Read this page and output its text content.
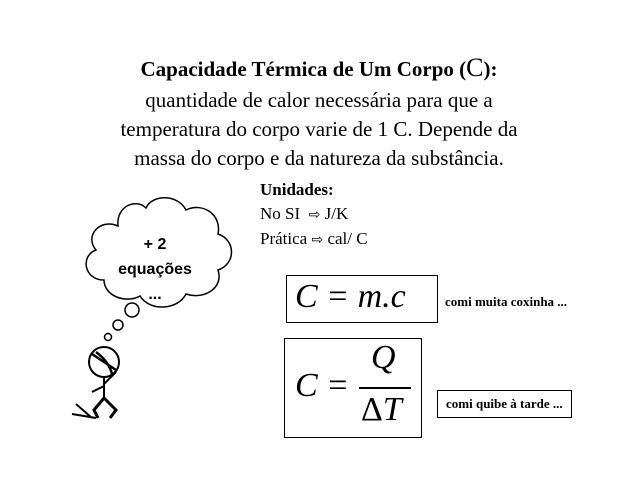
Capacidade Térmica de Um Corpo (C):
quantidade de calor necessária para que a
temperatura do corpo varie de 1 C. Depende da
massa do corpo e da natureza da substância.
Unidades:
No SI ⇨ J/K
Prática ⇨ cal/ C
+ 2
equações
...	C = m.c
C =
Q
ΔT
comi muita coxinha ...
comi quibe à tarde ...
